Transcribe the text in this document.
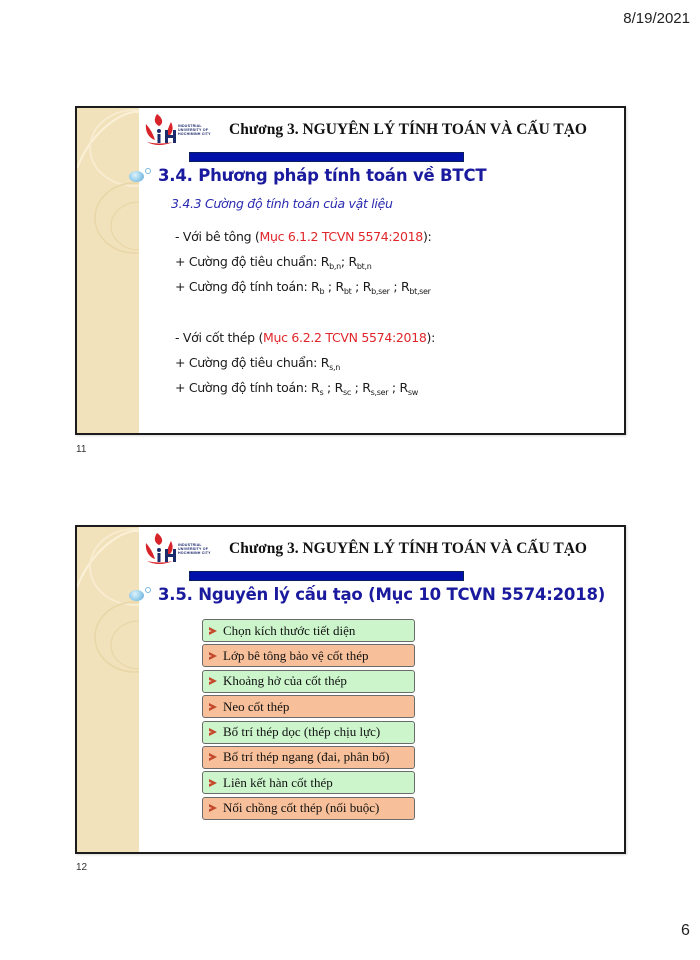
8/19/2021
INDUSTRIAL
UNIVERSITY OF
HOCHIMINH CITY Chương 3. NGUYÊN LÝ TÍNH TOÁN VÀ CẤU TẠO
3.4. Phương pháp tính toán về BTCT
3.4.3 Cường độ tính toán của vật liệu
- Với bê tông (Mục 6.1.2 TCVN 5574:2018):
+ Cường độ tiêu chuẩn: $R_{b,n}$; $R_{bt,n}$
+ Cường độ tính toán: $R_b$ ; $R_{bt}$ ; $R_{b,ser}$ ; $R_{bt,ser}$
- Với cốt thép (Mục 6.2.2 TCVN 5574:2018):
+ Cường độ tiêu chuẩn: $R_{s,n}$
+ Cường độ tính toán: $R_s$ ; $R_{sc}$ ; $R_{s,ser}$ ; $R_{sw}$
11
INDUSTRIAL
UNIVERSITY OF
HOCHIMINH CITY Chương 3. NGUYÊN LÝ TÍNH TOÁN VÀ CẤU TẠO
3.5. Nguyên lý cấu tạo (Mục 10 TCVN 5574:2018)
Chọn kích thước tiết diện
Lớp bê tông bảo vệ cốt thép
Khoảng hở của cốt thép
Neo cốt thép
Bố trí thép dọc (thép chịu lực)
Bố trí thép ngang (đai, phân bố)
Liên kết hàn cốt thép
Nối chồng cốt thép (nối buộc)
12
6
